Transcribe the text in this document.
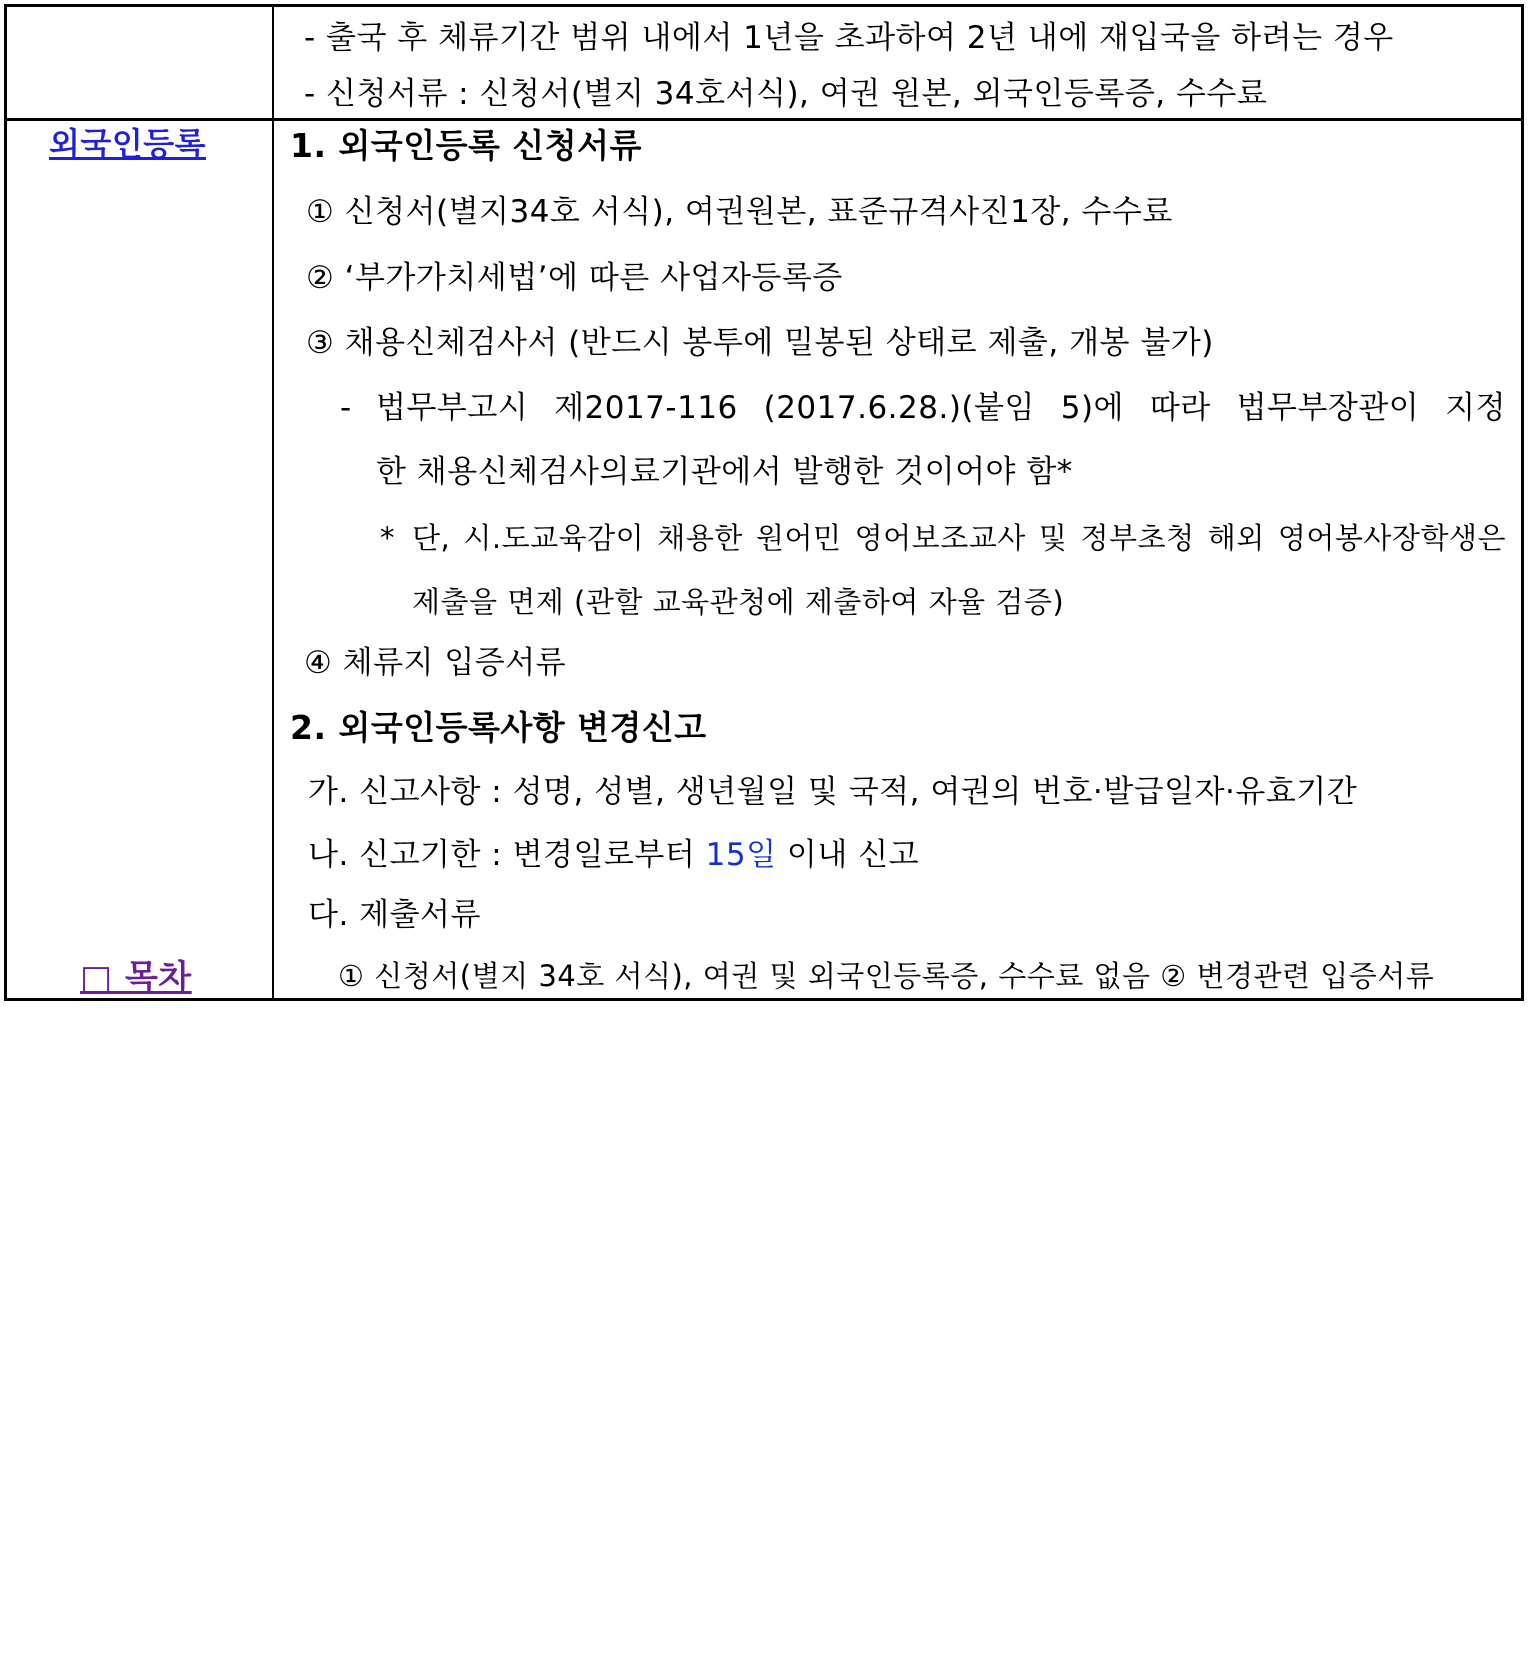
- 출국 후 체류기간 범위 내에서 1년을 초과하여 2년 내에 재입국을 하려는 경우
- 신청서류 : 신청서(별지 34호서식), 여권 원본, 외국인등록증, 수수료
외국인등록
□ 목차
1. 외국인등록 신청서류
① 신청서(별지34호 서식), 여권원본, 표준규격사진1장, 수수료
② ‘부가가치세법’에 따른 사업자등록증
③ 채용신체검사서 (반드시 봉투에 밀봉된 상태로 제출, 개봉 불가)
- 법무부고시 제2017-116 (2017.6.28.)(붙임 5)에 따라 법무부장관이 지정
한 채용신체검사의료기관에서 발행한 것이어야 함*
* 단, 시.도교육감이 채용한 원어민 영어보조교사 및 정부초청 해외 영어봉사장학생은
제출을 면제 (관할 교육관청에 제출하여 자율 검증)
④ 체류지 입증서류
2. 외국인등록사항 변경신고
가. 신고사항 : 성명, 성별, 생년월일 및 국적, 여권의 번호·발급일자·유효기간
나. 신고기한 : 변경일로부터 15일 이내 신고
다. 제출서류
① 신청서(별지 34호 서식), 여권 및 외국인등록증, 수수료 없음 ② 변경관련 입증서류
